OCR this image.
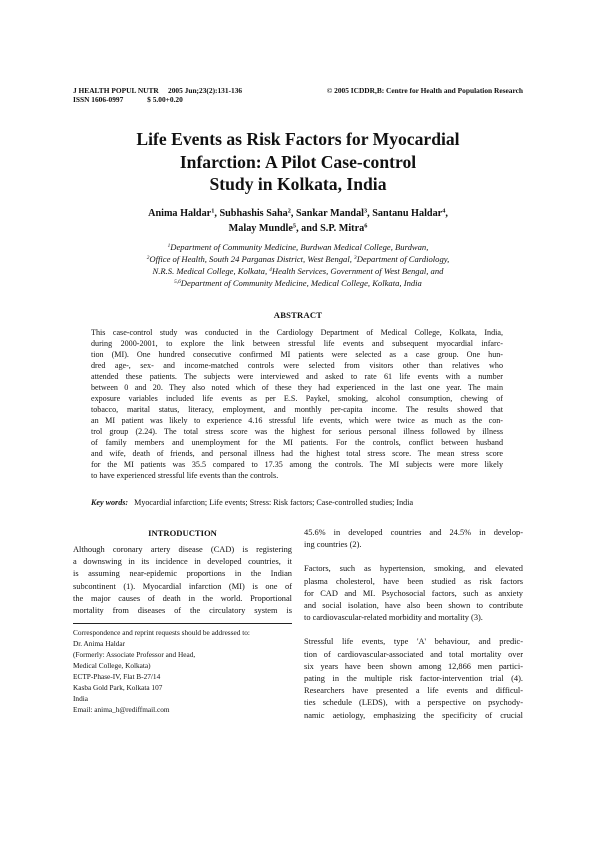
J HEALTH POPUL NUTR 2005 Jun;23(2):131-136	© 2005 ICDDR,B: Centre for Health and Population Research
ISSN 1606-0997	$ 5.00+0.20
Life Events as Risk Factors for Myocardial
Infarction: A Pilot Case-control
Study in Kolkata, India
Anima Haldar$^1$, Subhashis Saha$^2$, Sankar Mandal$^3$, Santanu Haldar$^4$,
Malay Mundle$^5$, and S.P. Mitra$^6$
$^1$Department of Community Medicine, Burdwan Medical College, Burdwan,
$^2$Office of Health, South 24 Parganas District, West Bengal, $^3$Department of Cardiology,
N.R.S. Medical College, Kolkata, $^4$Health Services, Government of West Bengal, and
$^{5,6}$Department of Community Medicine, Medical College, Kolkata, India
ABSTRACT
This case-control study was conducted in the Cardiology Department of Medical College, Kolkata, India,
during 2000-2001, to explore the link between stressful life events and subsequent myocardial infarc-
tion (MI). One hundred consecutive confirmed MI patients were selected as a case group. One hun-
dred age-, sex- and income-matched controls were selected from visitors other than relatives who
attended these patients. The subjects were interviewed and asked to rate 61 life events with a number
between 0 and 20. They also noted which of these they had experienced in the last one year. The main
exposure variables included life events as per E.S. Paykel, smoking, alcohol consumption, chewing of
tobacco, marital status, literacy, employment, and monthly per-capita income. The results showed that
an MI patient was likely to experience 4.16 stressful life events, which were twice as much as the con-
trol group (2.24). The total stress score was the highest for serious personal illness followed by illness
of family members and unemployment for the MI patients. For the controls, conflict between husband
and wife, death of friends, and personal illness had the highest total stress score. The mean stress score
for the MI patients was 35.5 compared to 17.35 among the controls. The MI subjects were more likely
to have experienced stressful life events than the controls.
Key words: Myocardial infarction; Life events; Stress: Risk factors; Case-controlled studies; India
INTRODUCTION
Although coronary artery disease (CAD) is registering
a downswing in its incidence in developed countries, it
is assuming near-epidemic proportions in the Indian
subcontinent (1). Myocardial infarction (MI) is one of
the major causes of death in the world. Proportional
mortality from diseases of the circulatory system is
45.6% in developed countries and 24.5% in develop-
ing countries (2).
Factors, such as hypertension, smoking, and elevated
plasma cholesterol, have been studied as risk factors
for CAD and MI. Psychosocial factors, such as anxiety
and social isolation, have also been shown to contribute
to cardiovascular-related morbidity and mortality (3).
Stressful life events, type 'A' behaviour, and predic-
tion of cardiovascular-associated and total mortality over
six years have been shown among 12,866 men partici-
pating in the multiple risk factor-intervention trial (4).
Researchers have presented a life events and difficul-
ties schedule (LEDS), with a perspective on psychody-
namic aetiology, emphasizing the specificity of crucial
Correspondence and reprint requests should be addressed to:
Dr. Anima Haldar
(Formerly: Associate Professor and Head,
Medical College, Kolkata)
ECTP-Phase-IV, Flat B-27/14
Kasba Gold Park, Kolkata 107
India
Email: anima_h@rediffmail.com
